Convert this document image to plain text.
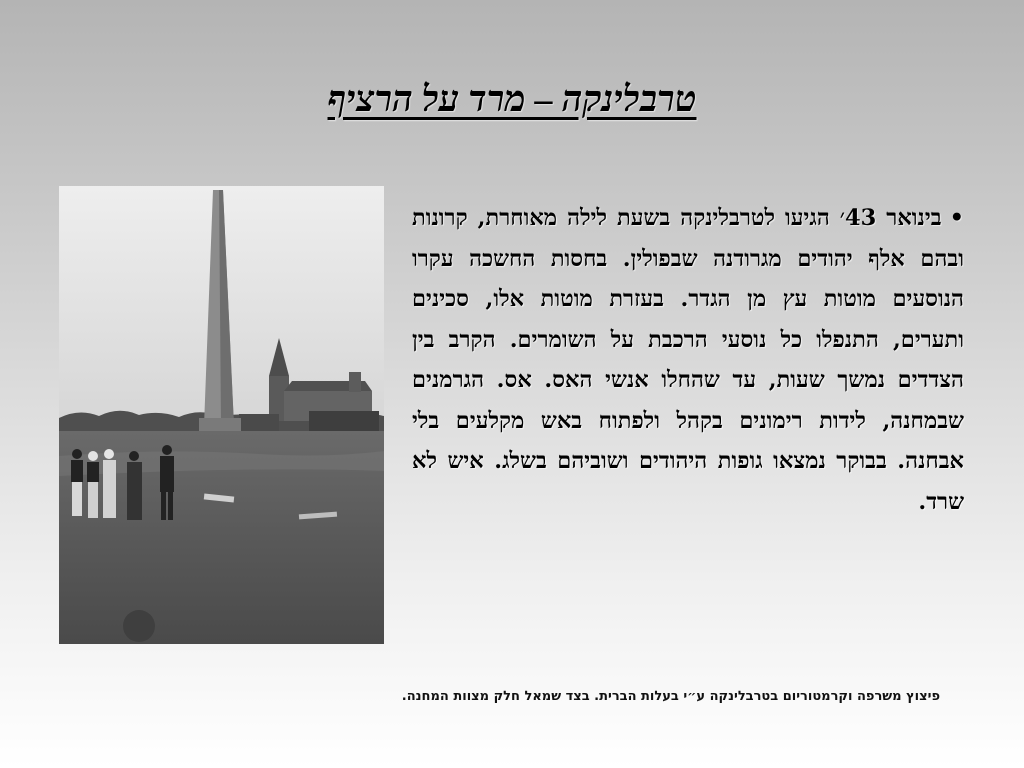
טרבלינקה – מרד על הרציף
•בינואר 43׳ הגיעו לטרבלינקה בשעת לילה מאוחרת, קרונות ובהם אלף יהודים מגרודנה שבפולין. בחסות החשכה עקרו הנוסעים מוטות עץ מן הגדר. בעזרת מוטות אלו, סכינים ותערים, התנפלו כל נוסעי הרכבת על השומרים. הקרב בין הצדדים נמשך שעות, עד שהחלו אנשי האס. אס. הגרמנים שבמחנה, לידות רימונים בקהל ולפתוח באש מקלעים בלי אבחנה. בבוקר נמצאו גופות היהודים ושוביהם בשלג. איש לא שרד.
פיצוץ משרפה וקרמטוריום בטרבלינקה ע״י בעלות הברית. בצד שמאל חלק מצוות המחנה.
